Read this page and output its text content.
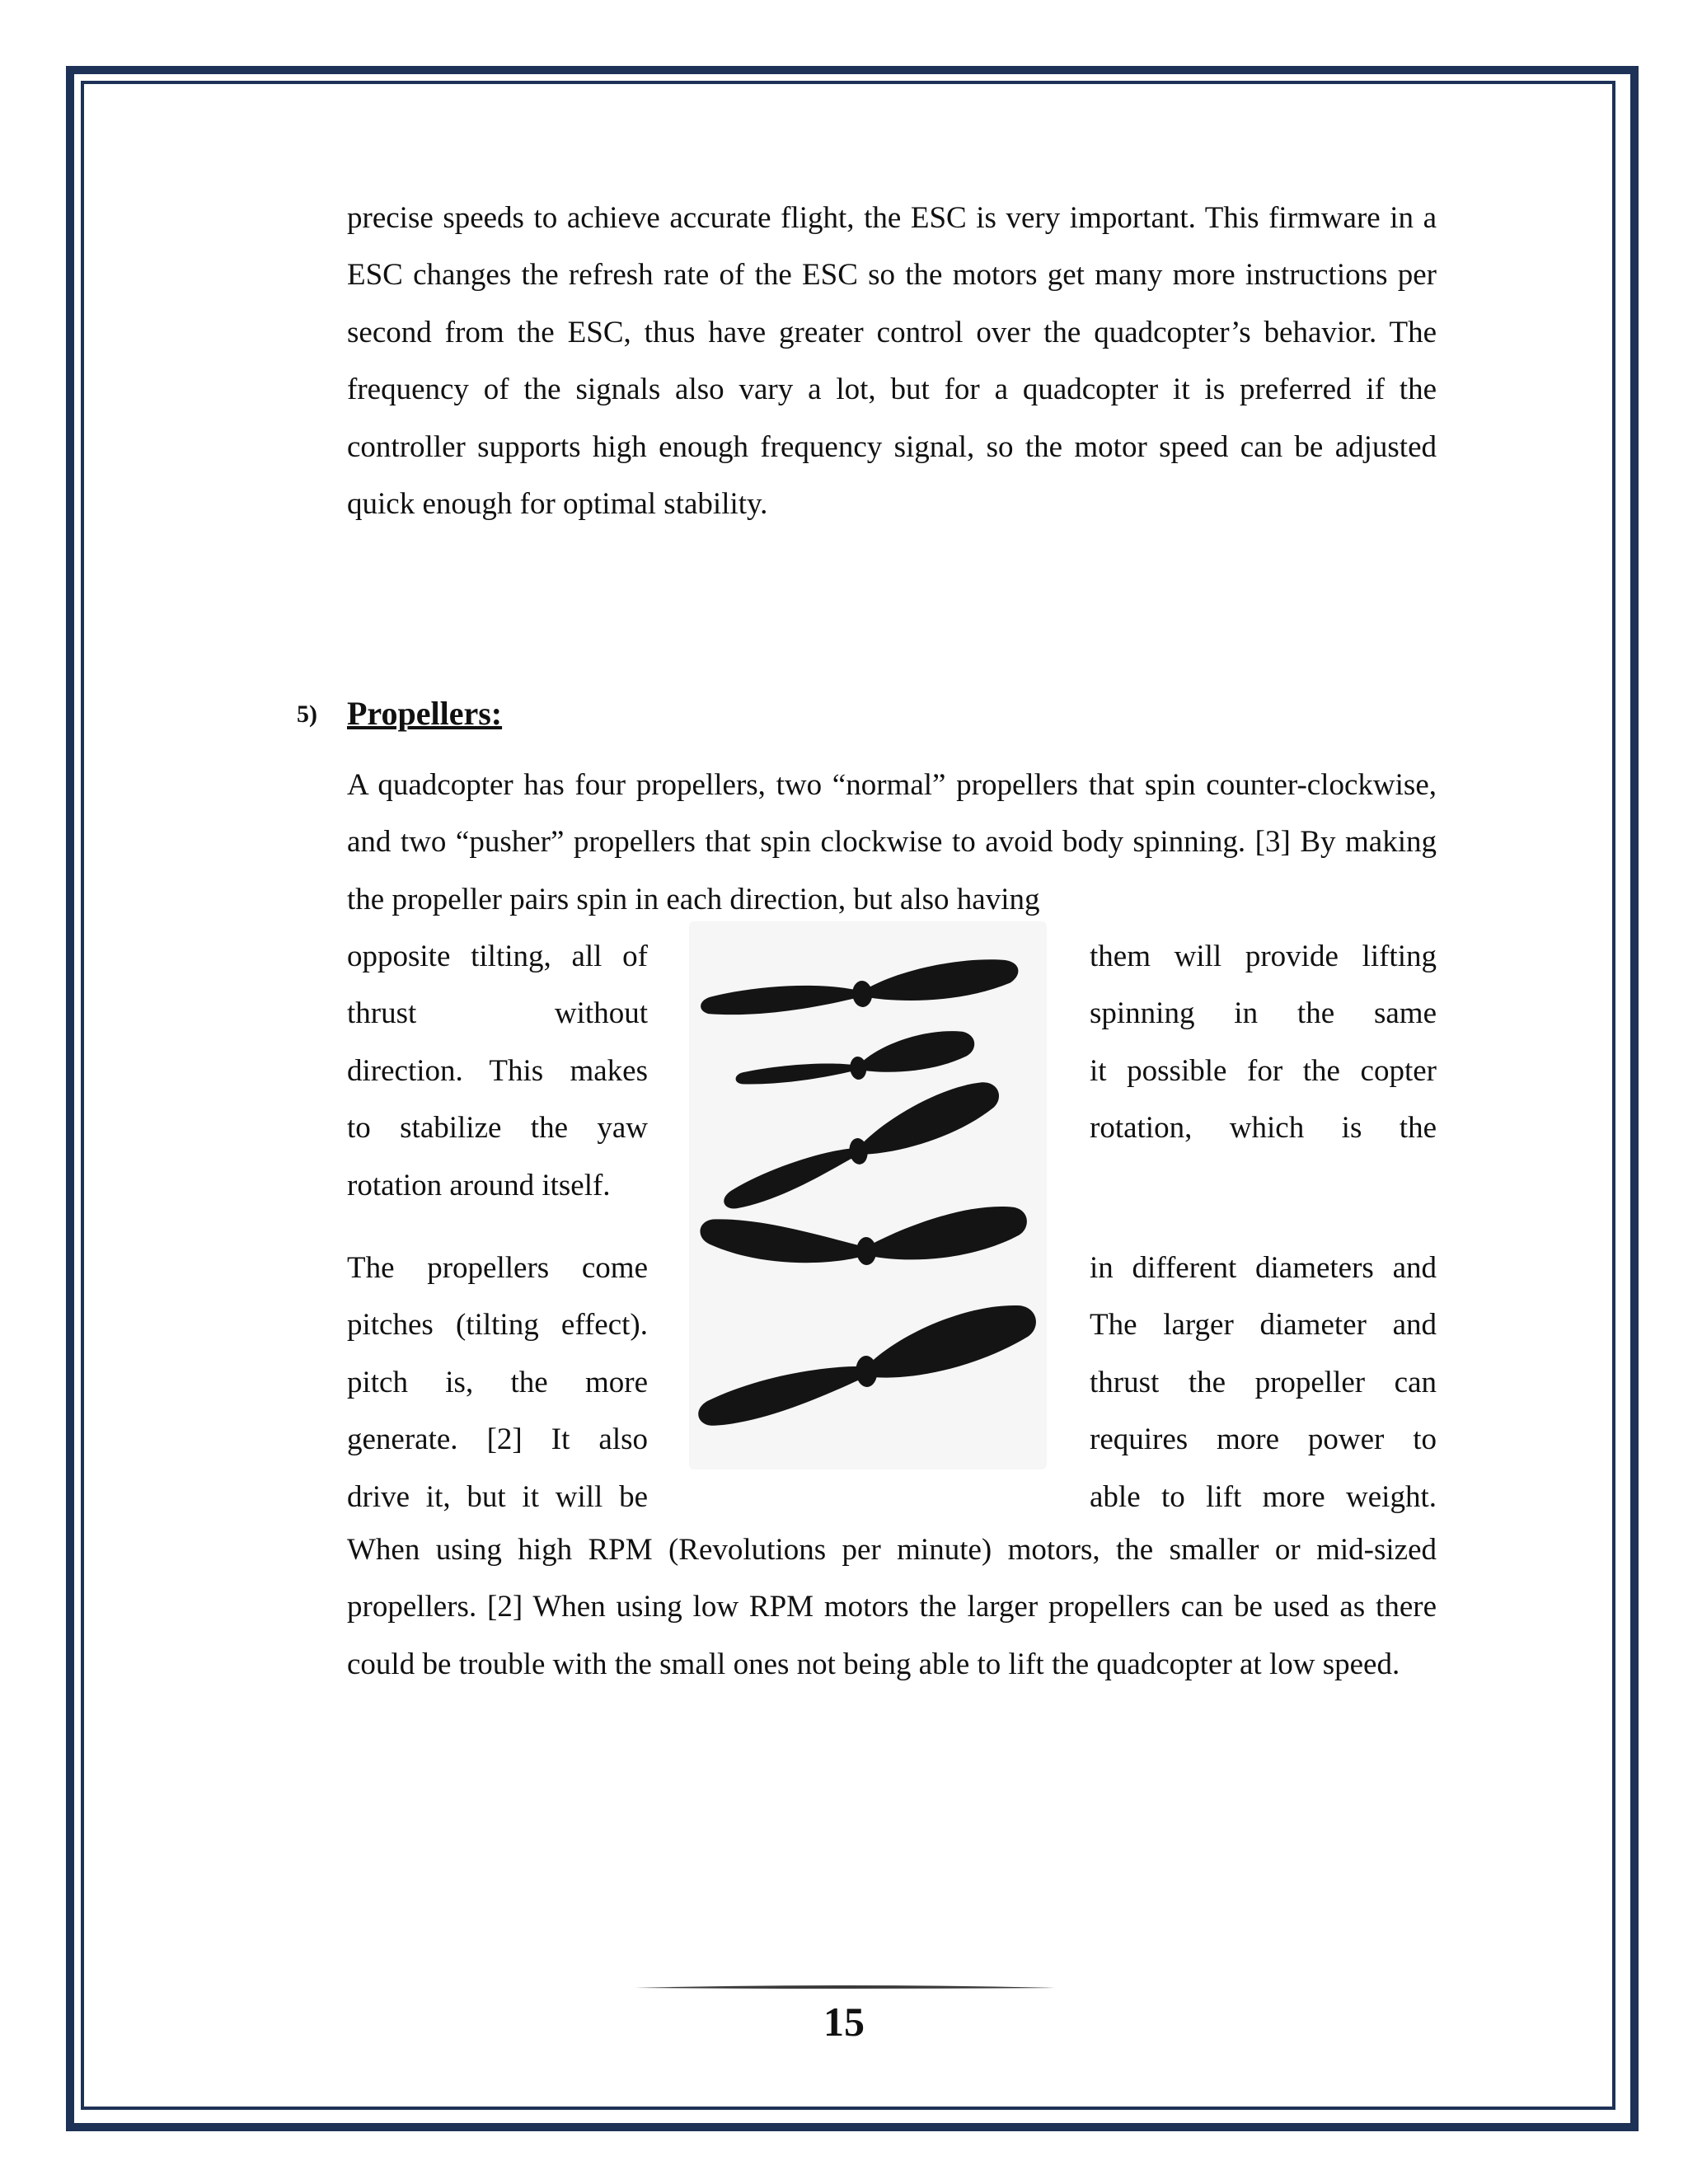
precise speeds to achieve accurate flight, the ESC is very important. This firmware in a ESC changes the refresh rate of the ESC so the motors get many more instructions per second from the ESC, thus have greater control over the quadcopter’s behavior. The frequency of the signals also vary a lot, but for a quadcopter it is preferred if the controller supports high enough frequency signal, so the motor speed can be adjusted quick enough for optimal stability.

5) Propellers:

A quadcopter has four propellers, two “normal” propellers that spin counter-clockwise, and two “pusher” propellers that spin clockwise to avoid body spinning. [3] By making the propeller pairs spin in each direction, but also having

opposite tilting, all of
thrust without
direction. This makes
to stabilize the yaw
rotation around itself.
them will provide lifting
spinning in the same
it possible for the copter
rotation, which is the
The propellers come
pitches (tilting effect).
pitch is, the more
generate. [2] It also
drive it, but it will be
in different diameters and
The larger diameter and
thrust the propeller can
requires more power to
able to lift more weight.

When using high RPM (Revolutions per minute) motors, the smaller or mid-sized propellers. [2] When using low RPM motors the larger propellers can be used as there could be trouble with the small ones not being able to lift the quadcopter at low speed.

15
